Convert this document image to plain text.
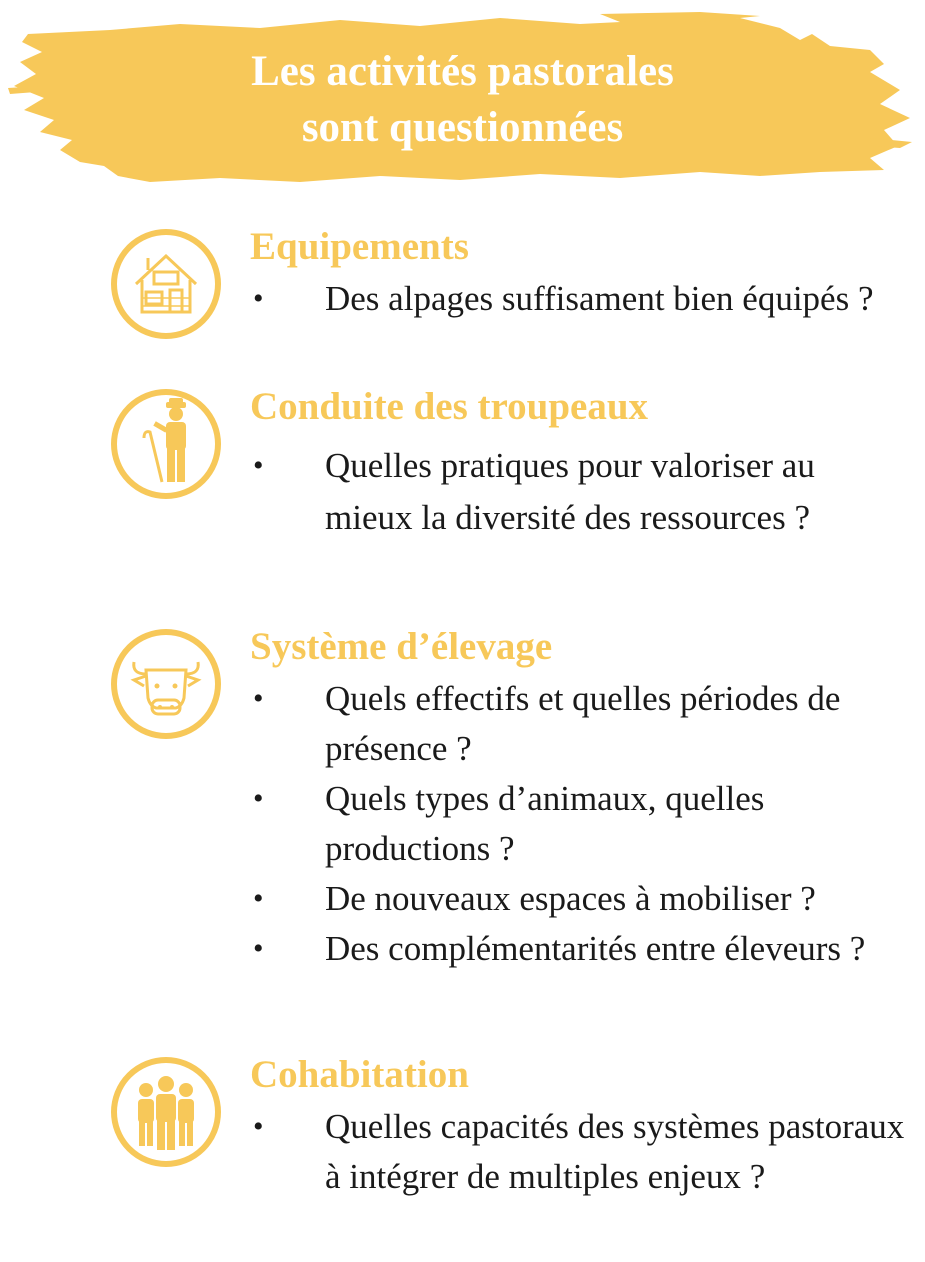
Les activités pastorales
sont questionnées
Equipements
• Des alpages suffisament bien équipés ?
Conduite des troupeaux
• Quelles pratiques pour valoriser au mieux la diversité des ressources ?
Système d’élevage
• Quels effectifs et quelles périodes de présence ?
• Quels types d’animaux, quelles productions ?
• De nouveaux espaces à mobiliser ?
• Des complémentarités entre éleveurs ?
Cohabitation
• Quelles capacités des systèmes pastoraux à intégrer de multiples enjeux ?
